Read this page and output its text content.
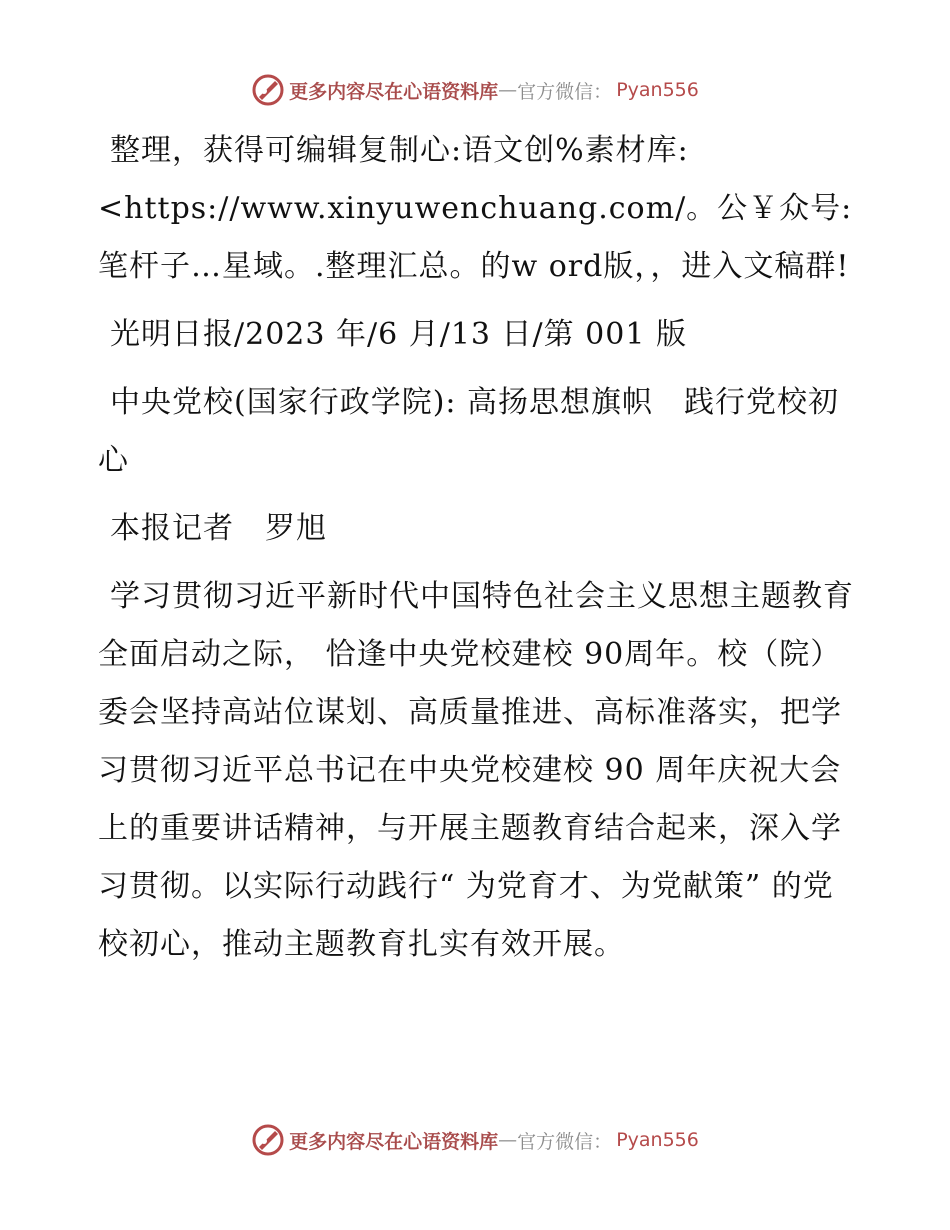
更多内容尽在心语资料库 — 官方微信： Pyan556

整理，获得可编辑复制心:语文创%素材库:<https://www.xinyuwenchuang.com/。公￥众号:笔杆子…星域。.整理汇总。的w ord版，，进入文稿群!

光明日报/2023 年/6 月/13 日/第 001 版

中央党校(国家行政学院): 高扬思想旗帜　践行党校初心

本报记者　罗旭

学习贯彻习近平新时代中国特色社会主义思想主题教育全面启动之际， 恰逢中央党校建校 90周年。校（院）委会坚持高站位谋划、高质量推进、高标准落实，把学习贯彻习近平总书记在中央党校建校 90 周年庆祝大会上的重要讲话精神，与开展主题教育结合起来，深入学习贯彻。以实际行动践行“ 为党育才、为党献策” 的党校初心，推动主题教育扎实有效开展。

更多内容尽在心语资料库 — 官方微信： Pyan556
